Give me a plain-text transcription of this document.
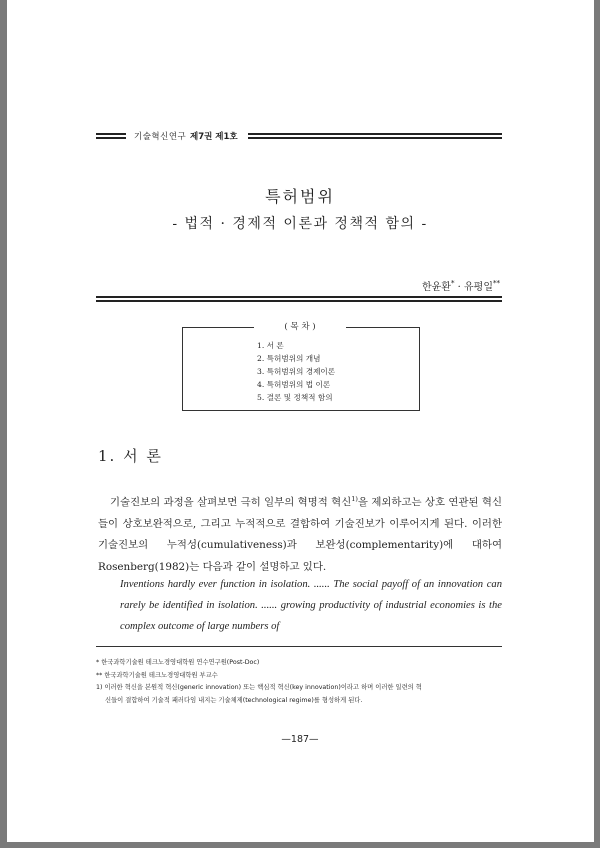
기술혁신연구 제7권 제1호
특허범위
- 법적 · 경제적 이론과 정책적 함의 -
한윤환* · 유평일**
( 목 차 )
1. 서 론
2. 특허범위의 개념
3. 특허범위의 경제이론
4. 특허범위의 법 이론
5. 결론 및 정책적 함의
1. 서 론

기술진보의 과정을 살펴보면 극히 일부의 혁명적 혁신$^{1)}$을 제외하고는 상호 연관된 혁신들이 상호보완적으로, 그리고 누적적으로 결합하여 기술진보가 이루어지게 된다. 이러한 기술진보의 누적성(cumulativeness)과 보완성(complementarity)에 대하여 Rosenberg(1982)는 다음과 같이 설명하고 있다.

Inventions hardly ever function in isolation. ...... The social payoff of an innovation can rarely be identified in isolation. ...... growing productivity of industrial economies is the complex outcome of large numbers of
* 한국과학기술원 테크노경영대학원 연수연구원(Post-Doc)
** 한국과학기술원 테크노경영대학원 부교수
1) 이러한 혁신을 본원적 혁신(generic innovation) 또는 핵심적 혁신(key innovation)이라고 하며 이러한 일련의 혁
신들이 결합하여 기술적 패러다임 내지는 기술체제(technological regime)를 형성하게 된다.
—187—
